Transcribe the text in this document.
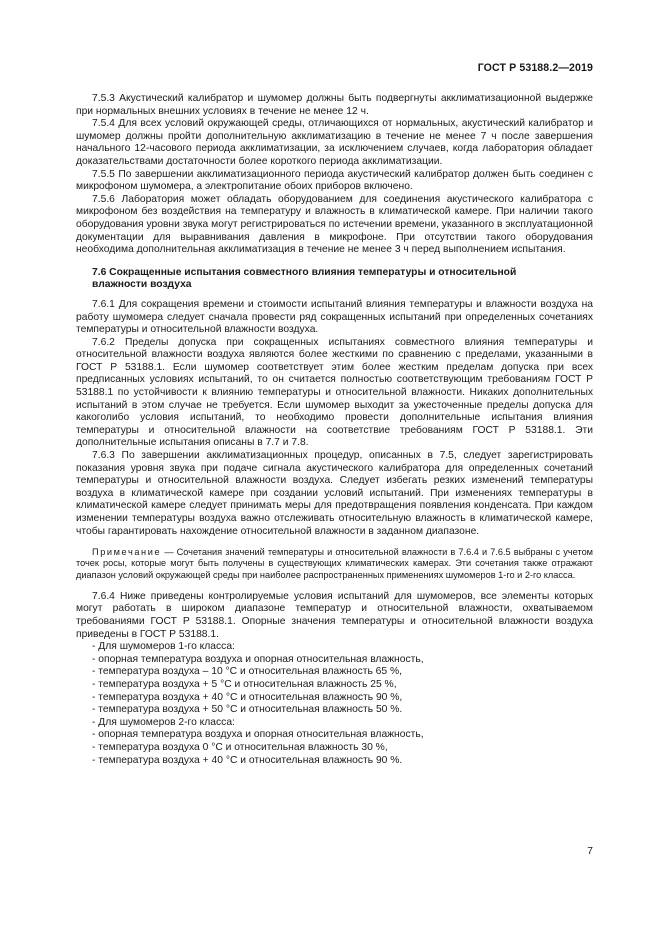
ГОСТ Р 53188.2—2019

7.5.3 Акустический калибратор и шумомер должны быть подвергнуты акклиматизационной выдержке при нормальных внешних условиях в течение не менее 12 ч.

7.5.4 Для всех условий окружающей среды, отличающихся от нормальных, акустический калибратор и шумомер должны пройти дополнительную акклиматизацию в течение не менее 7 ч после завершения начального 12-часового периода акклиматизации, за исключением случаев, когда лаборатория обладает доказательствами достаточности более короткого периода акклиматизации.

7.5.5 По завершении акклиматизационного периода акустический калибратор должен быть соединен с микрофоном шумомера, а электропитание обоих приборов включено.

7.5.6 Лаборатория может обладать оборудованием для соединения акустического калибратора с микрофоном без воздействия на температуру и влажность в климатической камере. При наличии такого оборудования уровни звука могут регистрироваться по истечении времени, указанного в эксплуатационной документации для выравнивания давления в микрофоне. При отсутствии такого оборудования необходима дополнительная акклиматизация в течение не менее 3 ч перед выполнением испытания.

7.6 Сокращенные испытания совместного влияния температуры и относительной влажности воздуха

7.6.1 Для сокращения времени и стоимости испытаний влияния температуры и влажности воздуха на работу шумомера следует сначала провести ряд сокращенных испытаний при определенных сочетаниях температуры и относительной влажности воздуха.

7.6.2 Пределы допуска при сокращенных испытаниях совместного влияния температуры и относительной влажности воздуха являются более жесткими по сравнению с пределами, указанными в ГОСТ Р 53188.1. Если шумомер соответствует этим более жестким пределам допуска при всех предписанных условиях испытаний, то он считается полностью соответствующим требованиям ГОСТ Р 53188.1 по устойчивости к влиянию температуры и относительной влажности. Никаких дополнительных испытаний в этом случае не требуется. Если шумомер выходит за ужесточенные пределы допуска для какоголибо условия испытаний, то необходимо провести дополнительные испытания влияния температуры и относительной влажности на соответствие требованиям ГОСТ Р 53188.1. Эти дополнительные испытания описаны в 7.7 и 7.8.

7.6.3 По завершении акклиматизационных процедур, описанных в 7.5, следует зарегистрировать показания уровня звука при подаче сигнала акустического калибратора для определенных сочетаний температуры и относительной влажности воздуха. Следует избегать резких изменений температуры воздуха в климатической камере при создании условий испытаний. При изменениях температуры в климатической камере следует принимать меры для предотвращения появления конденсата. При каждом изменении температуры воздуха важно отслеживать относительную влажность в климатической камере, чтобы гарантировать нахождение относительной влажности в заданном диапазоне.

Примечание — Сочетания значений температуры и относительной влажности в 7.6.4 и 7.6.5 выбраны с учетом точек росы, которые могут быть получены в существующих климатических камерах. Эти сочетания также отражают диапазон условий окружающей среды при наиболее распространенных применениях шумомеров 1-го и 2-го класса.

7.6.4 Ниже приведены контролируемые условия испытаний для шумомеров, все элементы которых могут работать в широком диапазоне температур и относительной влажности, охватываемом требованиями ГОСТ Р 53188.1. Опорные значения температуры и относительной влажности воздуха приведены в ГОСТ Р 53188.1.

- Для шумомеров 1-го класса:
- опорная температура воздуха и опорная относительная влажность,
- температура воздуха – 10 °С и относительная влажность 65 %,
- температура воздуха + 5 °С и относительная влажность 25 %,
- температура воздуха + 40 °С и относительная влажность 90 %,
- температура воздуха + 50 °С и относительная влажность 50 %.
- Для шумомеров 2-го класса:
- опорная температура воздуха и опорная относительная влажность,
- температура воздуха 0 °С и относительная влажность 30 %,
- температура воздуха + 40 °С и относительная влажность 90 %.
7
